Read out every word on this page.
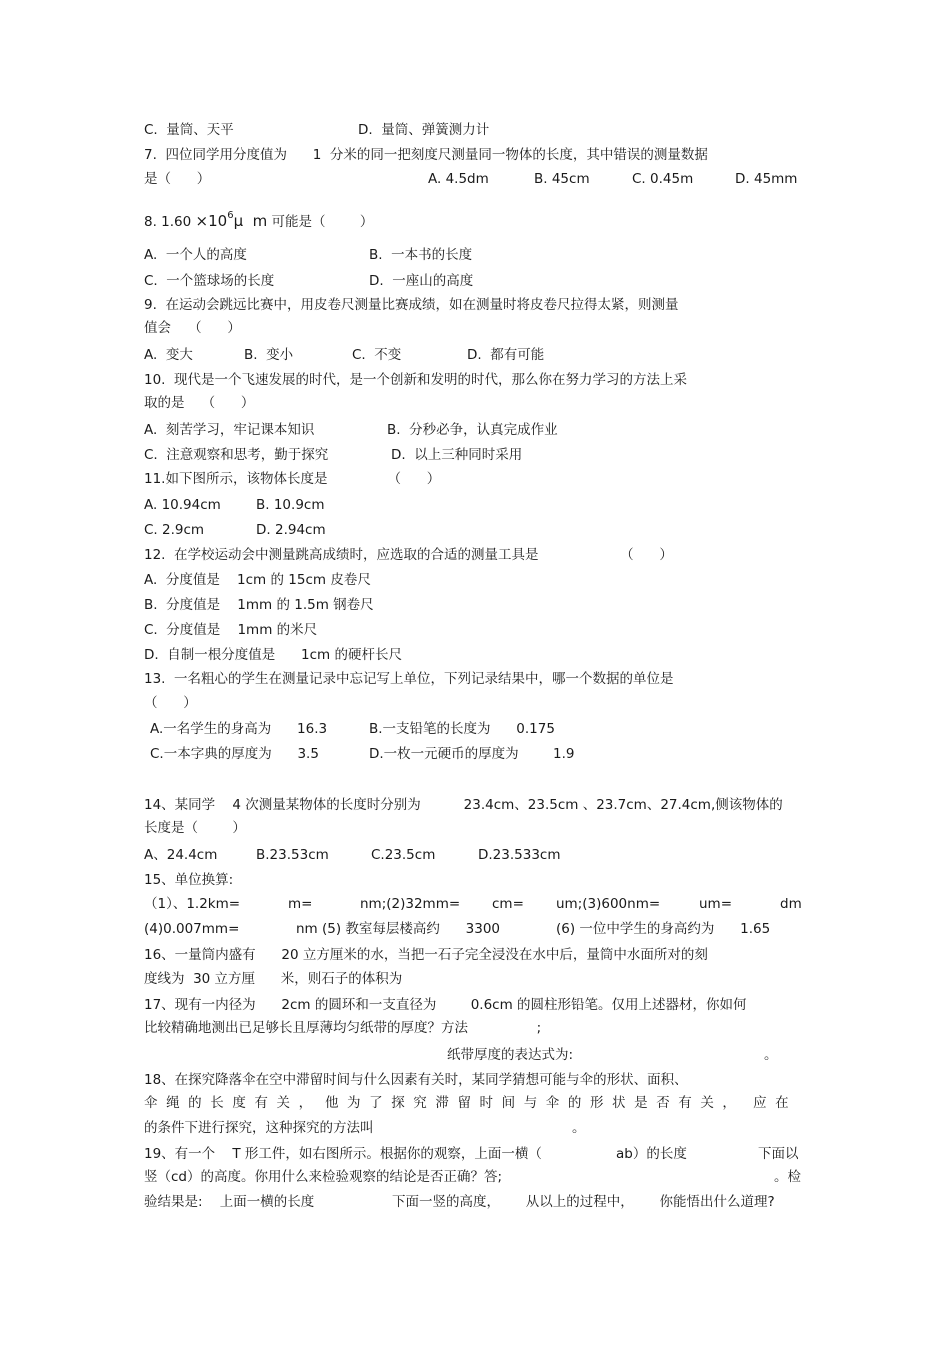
C.  量筒、天平	D.  量筒、弹簧测力计
7.  四位同学用分度值为      1  分米的同一把刻度尺测量同一物体的长度，其中错误的测量数据
是（      ）	A. 4.5dm	B. 45cm	C. 0.45m	D. 45mm
8. $1.60 \times 10^6\mu$  m 可能是（        ）
A.  一个人的高度	B.  一本书的长度
C.  一个篮球场的长度	D.  一座山的高度
9.  在运动会跳远比赛中，用皮卷尺测量比赛成绩，如在测量时将皮卷尺拉得太紧，则测量
值会    （      ）
A.  变大	B.  变小	C.  不变	D.  都有可能
10.  现代是一个飞速发展的时代，是一个创新和发明的时代，那么你在努力学习的方法上采
取的是    （      ）
A.  刻苦学习，牢记课本知识	B.  分秒必争，认真完成作业
C.  注意观察和思考，勤于探究	D.  以上三种同时采用
11.如下图所示，该物体长度是              （      ）
A. 10.94cm	B. 10.9cm
C. 2.9cm	D. 2.94cm
12.  在学校运动会中测量跳高成绩时，应选取的合适的测量工具是                   （      ）
A.  分度值是    1cm 的 15cm 皮卷尺
B.  分度值是    1mm 的 1.5m 钢卷尺
C.  分度值是    1mm 的米尺
D.  自制一根分度值是      1cm 的硬杆长尺
13.  一名粗心的学生在测量记录中忘记写上单位，下列记录结果中，哪一个数据的单位是
（      ）
A.一名学生的身高为      16.3	B.一支铅笔的长度为      0.175
C.一本字典的厚度为      3.5	D.一枚一元硬币的厚度为        1.9
14、某同学    4 次测量某物体的长度时分别为          23.4cm、23.5cm 、23.7cm、27.4cm,侧该物体的
长度是（        ）
A、24.4cm	B.23.53cm	C.23.5cm	D.23.533cm
15、单位换算:
（1）、1.2km=	m=	nm;(2)32mm= cm= um;(3)600nm=	um=	dm
(4)0.007mm=	nm (5) 教室每层楼高约      3300	(6) 一位中学生的身高约为      1.65
16、一量筒内盛有      20 立方厘米的水，当把一石子完全浸没在水中后，量筒中水面所对的刻
度线为  30 立方厘      米，则石子的体积为
17、现有一内径为      2cm 的圆环和一支直径为        0.6cm 的圆柱形铅笔。仅用上述器材，你如何
比较精确地测出已足够长且厚薄均匀纸带的厚度？方法                ;
纸带厚度的表达式为:	。
18、在探究降落伞在空中滞留时间与什么因素有关时，某同学猜想可能与伞的形状、面积、
伞  绳  的  长  度  有  关  ，   他  为  了  探  究  滞  留  时  间  与  伞  的  形  状  是  否  有  关  ，    应  在
的条件下进行探究，这种探究的方法叫	。
19、有一个    T 形工件，如右图所示。根据你的观察，上面一横（	ab）的长度	下面以
竖（cd）的高度。你用什么来检验观察的结论是否正确？答;	。检
验结果是:    上面一横的长度	下面一竖的高度，      从以上的过程中，      你能悟出什么道理?
